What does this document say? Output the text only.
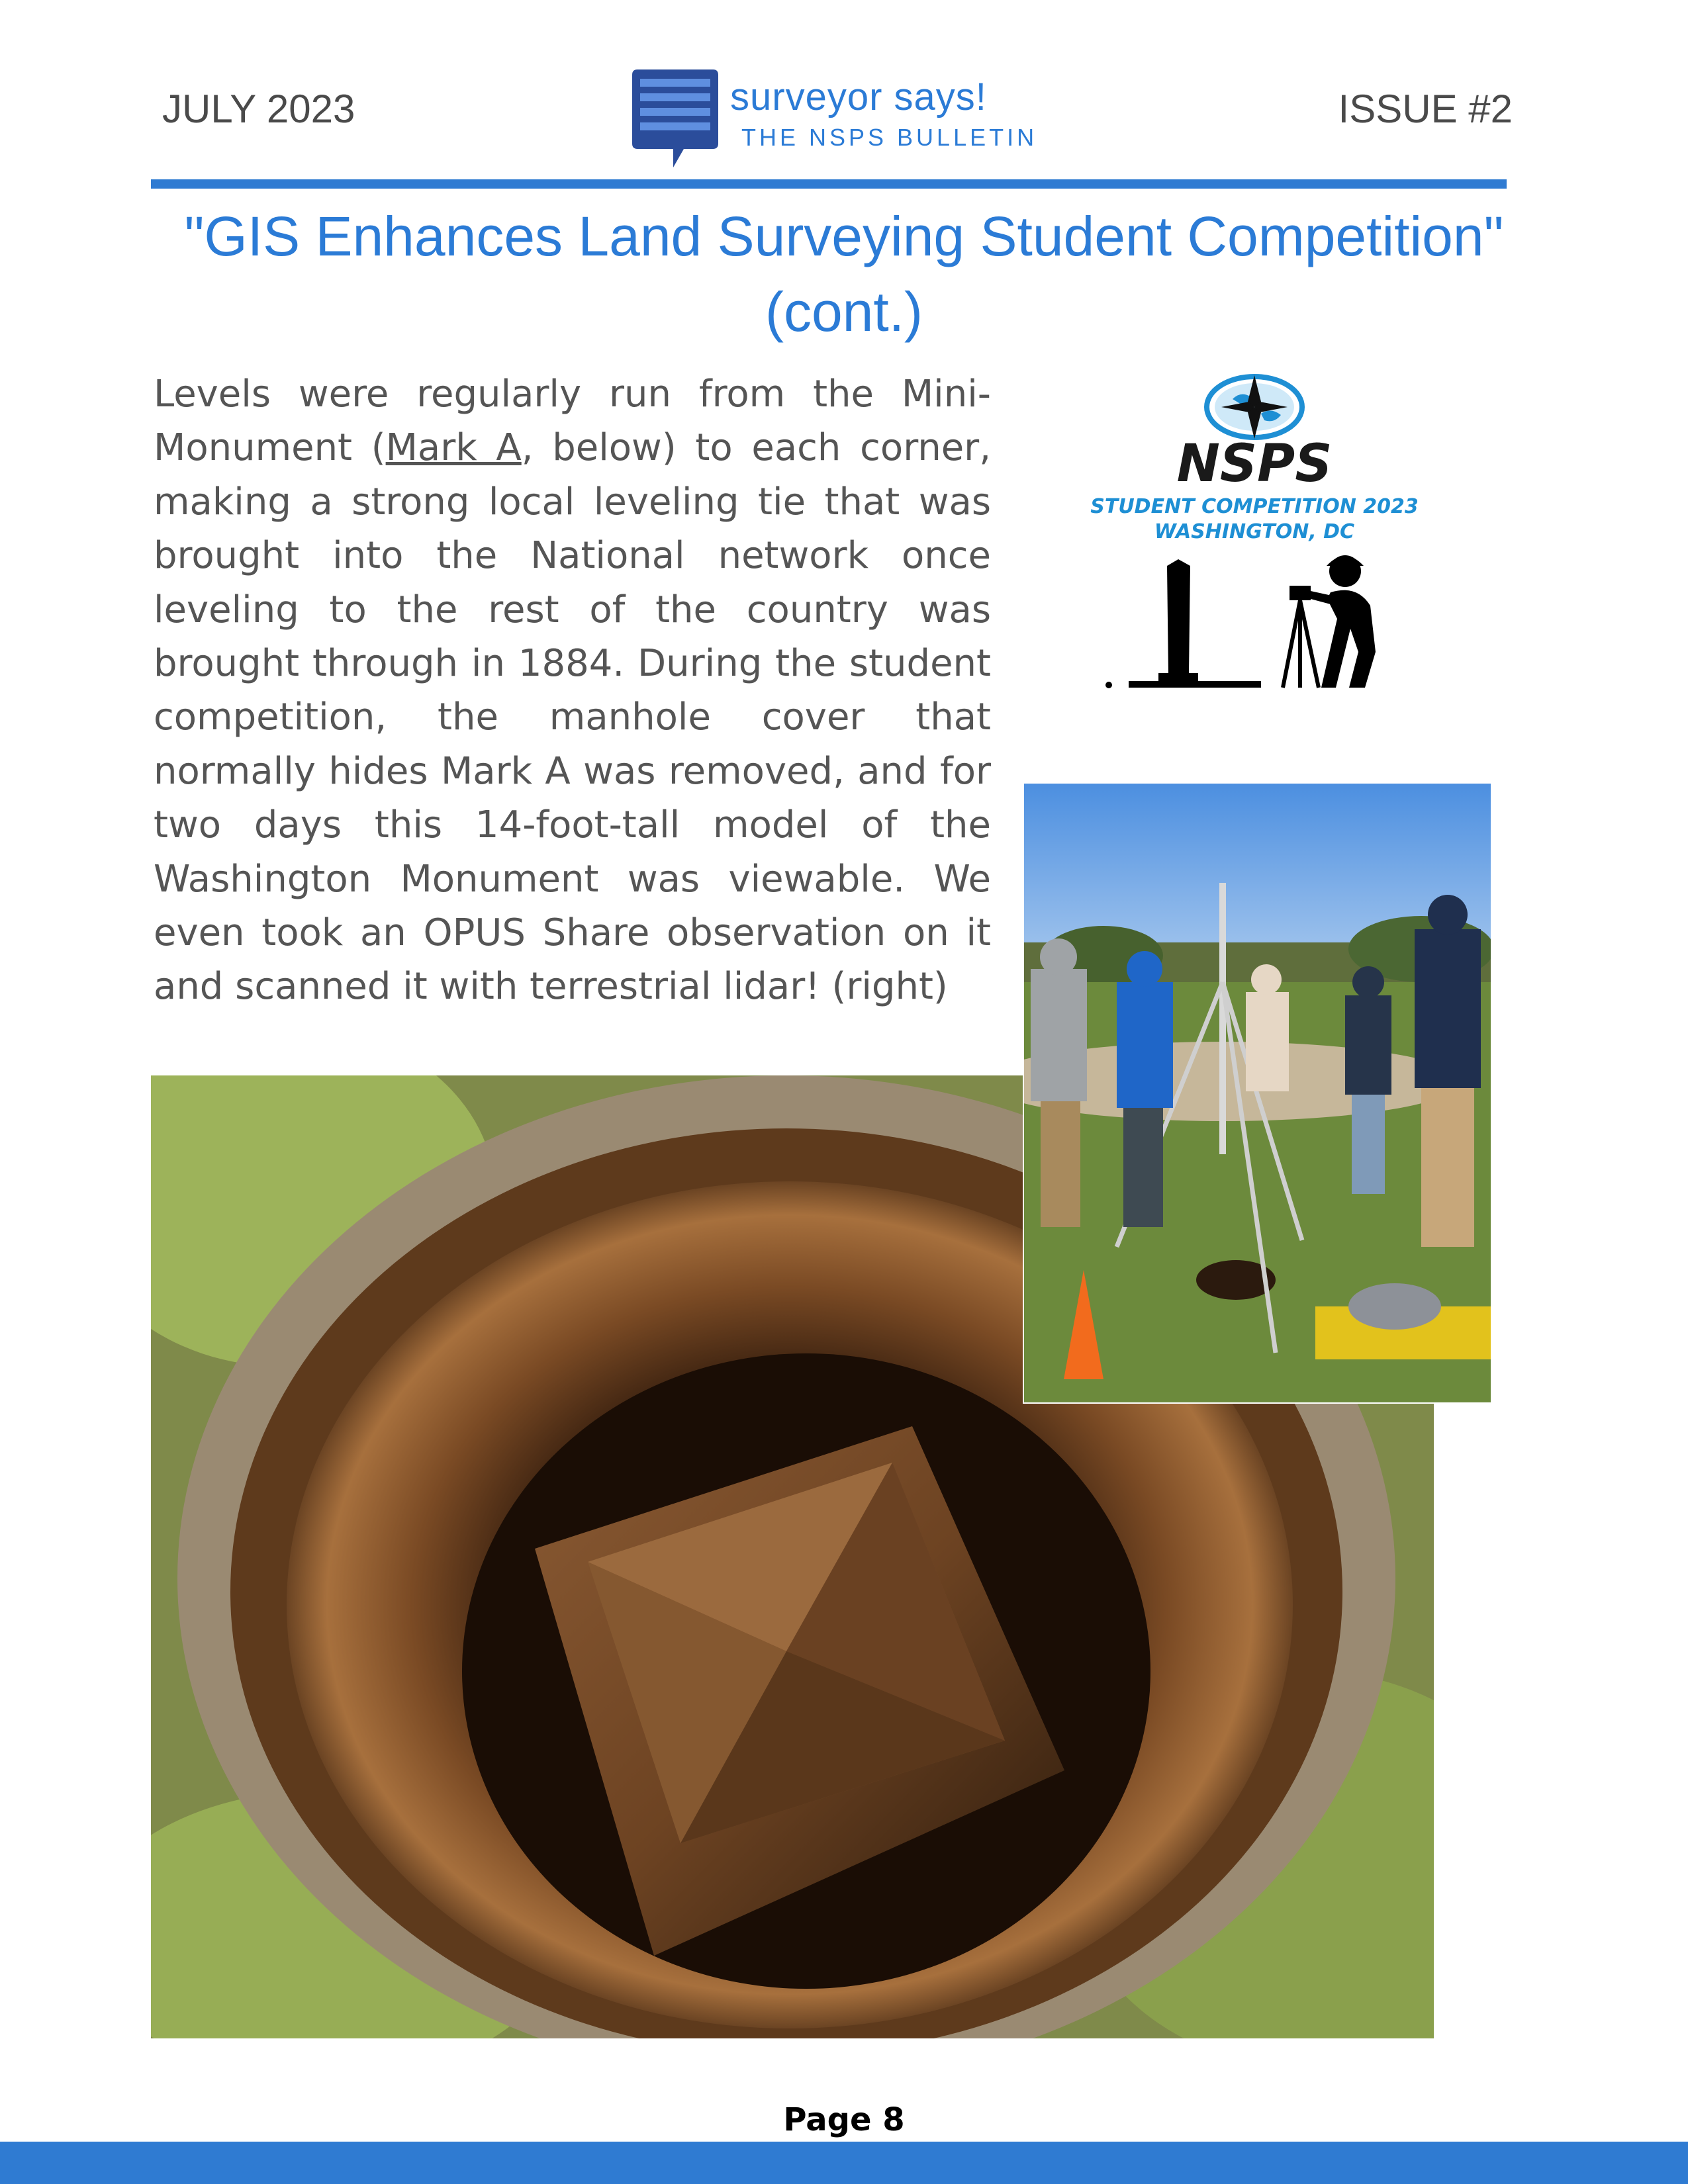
JULY 2023	surveyor says!
THE NSPS BULLETIN
ISSUE #2
"GIS Enhances Land Surveying Student Competition"
(cont.)

Levels were regularly run from the Mini-Monument (Mark A, below) to each corner, making a strong local leveling tie that was brought into the National network once leveling to the rest of the country was brought through in 1884. During the student competition, the manhole cover that normally hides Mark A was removed, and for two days this 14-foot-tall model of the Washington Monument was viewable. We even took an OPUS Share observation on it and scanned it with terrestrial lidar! (right)

NSPS
STUDENT COMPETITION 2023
WASHINGTON, DC
Page 8
